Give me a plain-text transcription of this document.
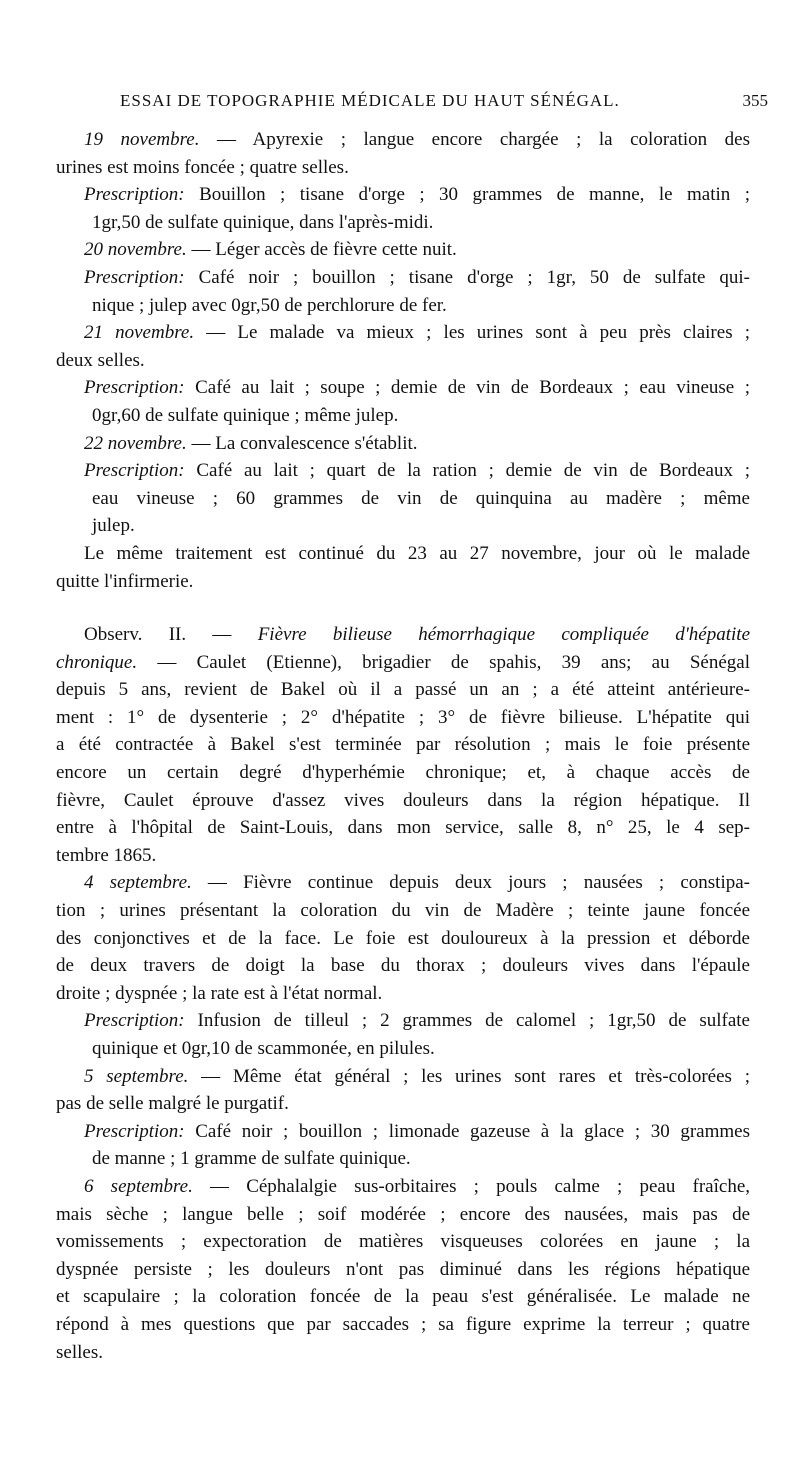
ESSAI DE TOPOGRAPHIE MÉDICALE DU HAUT SÉNÉGAL.	355
19 novembre. — Apyrexie ; langue encore chargée ; la coloration des
urines est moins foncée ; quatre selles.
Prescription: Bouillon ; tisane d'orge ; 30 grammes de manne, le matin ;
1gr,50 de sulfate quinique, dans l'après-midi.
20 novembre. — Léger accès de fièvre cette nuit.
Prescription: Café noir ; bouillon ; tisane d'orge ; 1gr, 50 de sulfate qui-
nique ; julep avec 0gr,50 de perchlorure de fer.
21 novembre. — Le malade va mieux ; les urines sont à peu près claires ;
deux selles.
Prescription: Café au lait ; soupe ; demie de vin de Bordeaux ; eau vineuse ;
0gr,60 de sulfate quinique ; même julep.
22 novembre. — La convalescence s'établit.
Prescription: Café au lait ; quart de la ration ; demie de vin de Bordeaux ;
eau vineuse ; 60 grammes de vin de quinquina au madère ; même
julep.
Le même traitement est continué du 23 au 27 novembre, jour où le malade
quitte l'infirmerie.
Observ. II. — Fièvre bilieuse hémorrhagique compliquée d'hépatite
chronique. — Caulet (Etienne), brigadier de spahis, 39 ans; au Sénégal
depuis 5 ans, revient de Bakel où il a passé un an ; a été atteint antérieure-
ment : 1° de dysenterie ; 2° d'hépatite ; 3° de fièvre bilieuse. L'hépatite qui
a été contractée à Bakel s'est terminée par résolution ; mais le foie présente
encore un certain degré d'hyperhémie chronique; et, à chaque accès de
fièvre, Caulet éprouve d'assez vives douleurs dans la région hépatique. Il
entre à l'hôpital de Saint-Louis, dans mon service, salle 8, n° 25, le 4 sep-
tembre 1865.
4 septembre. — Fièvre continue depuis deux jours ; nausées ; constipa-
tion ; urines présentant la coloration du vin de Madère ; teinte jaune foncée
des conjonctives et de la face. Le foie est douloureux à la pression et déborde
de deux travers de doigt la base du thorax ; douleurs vives dans l'épaule
droite ; dyspnée ; la rate est à l'état normal.
Prescription: Infusion de tilleul ; 2 grammes de calomel ; 1gr,50 de sulfate
quinique et 0gr,10 de scammonée, en pilules.
5 septembre. — Même état général ; les urines sont rares et très-colorées ;
pas de selle malgré le purgatif.
Prescription: Café noir ; bouillon ; limonade gazeuse à la glace ; 30 grammes
de manne ; 1 gramme de sulfate quinique.
6 septembre. — Céphalalgie sus-orbitaires ; pouls calme ; peau fraîche,
mais sèche ; langue belle ; soif modérée ; encore des nausées, mais pas de
vomissements ; expectoration de matières visqueuses colorées en jaune ; la
dyspnée persiste ; les douleurs n'ont pas diminué dans les régions hépatique
et scapulaire ; la coloration foncée de la peau s'est généralisée. Le malade ne
répond à mes questions que par saccades ; sa figure exprime la terreur ; quatre
selles.
